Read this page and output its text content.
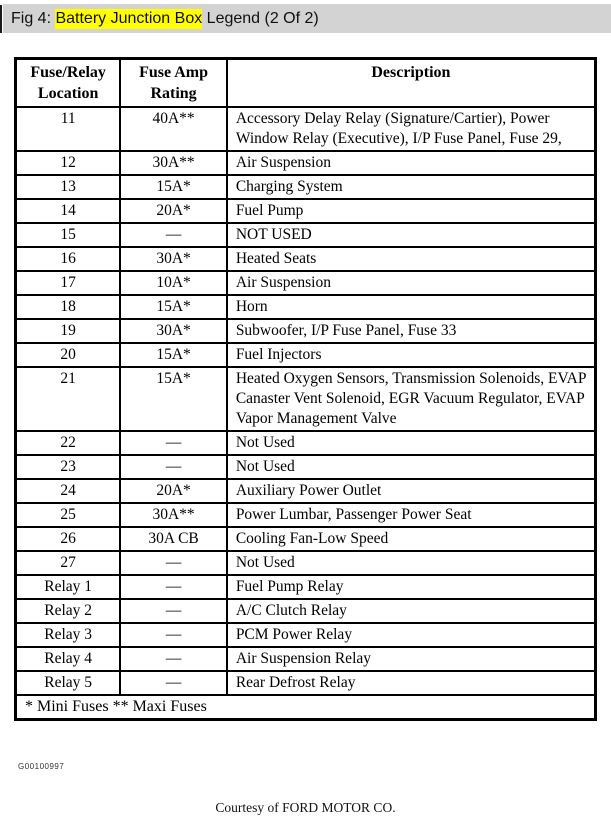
Fig 4: Battery Junction Box Legend (2 Of 2)
Fuse/Relay Location	Fuse Amp Rating	Description
11	40A**	Accessory Delay Relay (Signature/Cartier), Power Window Relay (Executive), I/P Fuse Panel, Fuse 29,
12	30A**	Air Suspension
13	15A*	Charging System
14	20A*	Fuel Pump
15	—	NOT USED
16	30A*	Heated Seats
17	10A*	Air Suspension
18	15A*	Horn
19	30A*	Subwoofer, I/P Fuse Panel, Fuse 33
20	15A*	Fuel Injectors
21	15A*	Heated Oxygen Sensors, Transmission Solenoids, EVAP Canaster Vent Solenoid, EGR Vacuum Regulator, EVAP Vapor Management Valve
22	—	Not Used
23	—	Not Used
24	20A*	Auxiliary Power Outlet
25	30A**	Power Lumbar, Passenger Power Seat
26	30A CB	Cooling Fan-Low Speed
27	—	Not Used
Relay 1	—	Fuel Pump Relay
Relay 2	—	A/C Clutch Relay
Relay 3	—	PCM Power Relay
Relay 4	—	Air Suspension Relay
Relay 5	—	Rear Defrost Relay
* Mini Fuses ** Maxi Fuses		
G00100997
Courtesy of FORD MOTOR CO.
